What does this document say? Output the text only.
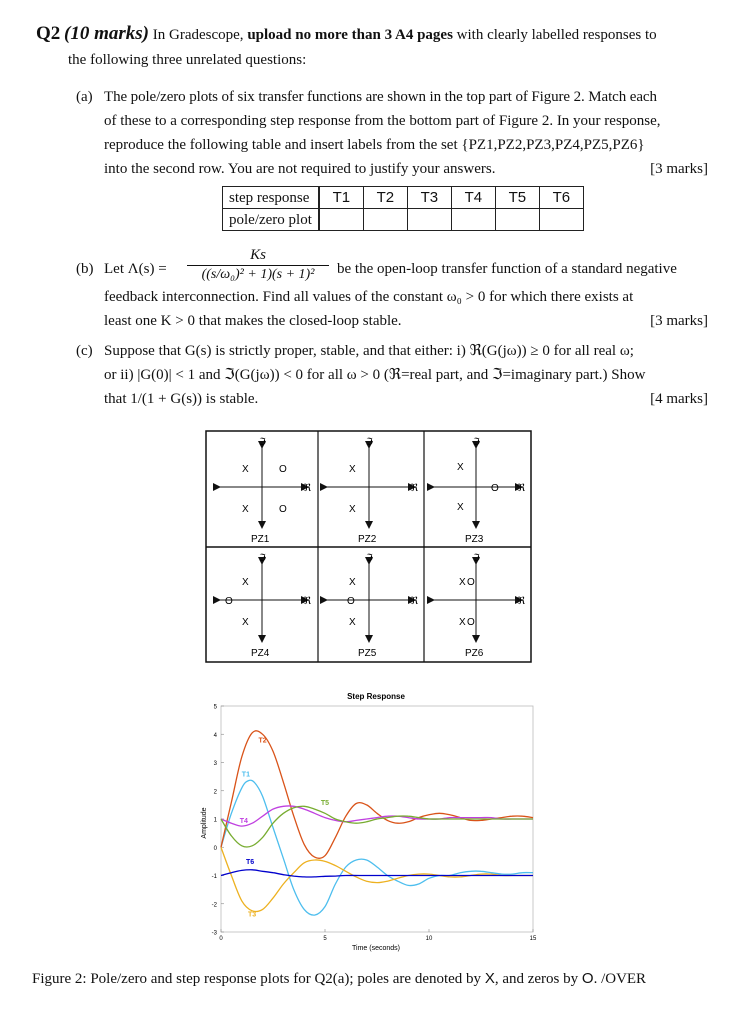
Q2 (10 marks) In Gradescope, upload no more than 3 A4 pages with clearly labelled responses to
the following three unrelated questions:
(a) The pole/zero plots of six transfer functions are shown in the top part of Figure 2. Match each
of these to a corresponding step response from the bottom part of Figure 2. In your response,
reproduce the following table and insert labels from the set {PZ1,PZ2,PZ3,PZ4,PZ5,PZ6}
into the second row. You are not required to justify your answers.	[3 marks]
step response	T1	T2	T3	T4	T5	T6
pole/zero plot						
(b) Let Λ(s) =
Ks
((s/ω₀)² + 1)(s + 1)²	be the open-loop transfer function of a standard negative
feedback interconnection. Find all values of the constant ω₀ > 0 for which there exists at
least one K > 0 that makes the closed-loop stable.	[3 marks]
(c) Suppose that G(s) is strictly proper, stable, and that either: i) ℜ(G(jω)) ≥ 0 for all real ω;
or ii) |G(0)| < 1 and ℑ(G(jω)) < 0 for all ω > 0 (ℜ=real part, and ℑ=imaginary part.) Show
that 1/(1 + G(s)) is stable.	[4 marks]
ℑ
ℜ
X
X
O
O
PZ1
ℑ
ℜ
X
X
PZ2
ℑ
ℜ
X
X
O
PZ3
ℑ
ℜ
X
X
O
PZ4
ℑ
ℜ
X
X
O
PZ5
ℑ
ℜ
X
X
O
O
PZ6
Step Response
Time (seconds)
Amplitude
-3
-2
-1
0
1
2
3
4
5
0	5	10	15
T2
T1
T5
T4
T6
T3
Figure 2: Pole/zero and step response plots for Q2(a); poles are denoted by X, and zeros by O. /OVER
